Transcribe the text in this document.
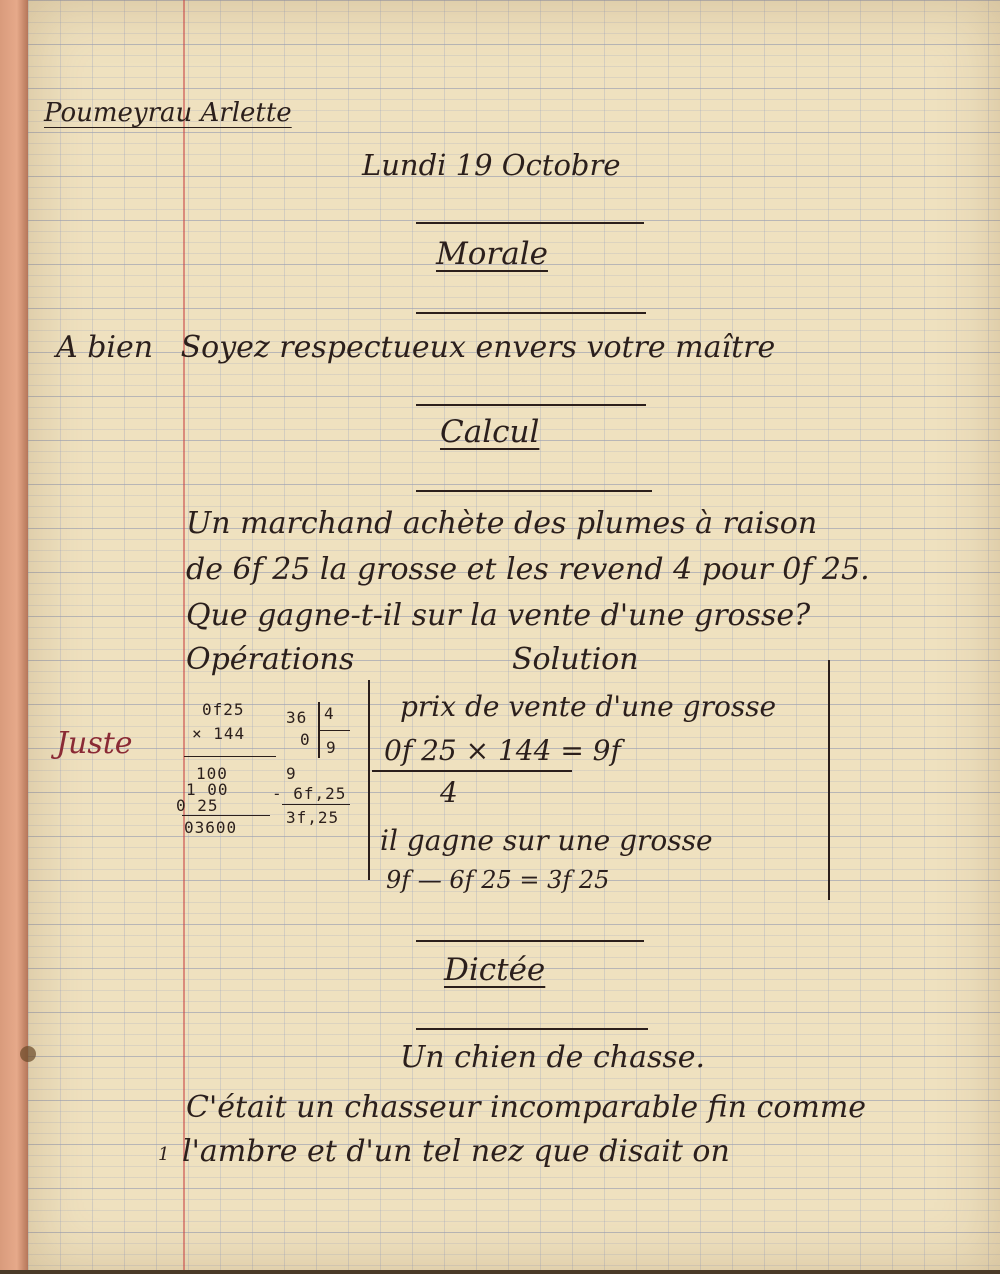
Poumeyrau Arlette
Lundi 19 Octobre
Morale
A bien Soyez respectueux envers votre maître
Calcul
Un marchand achète des plumes à raison
de 6f 25 la grosse et les revend 4 pour 0f 25.
Que gagne-t-il sur la vente d'une grosse?
Opérations	Solution
Juste
0f25
× 144
100
1 00
0 25
03600
36
0
4
9
9
- 6f,25
3f,25
prix de vente d'une grosse
0f 25 × 144 = 9f
4
il gagne sur une grosse
9f — 6f 25 = 3f 25
Dictée
Un chien de chasse.
C'était un chasseur incomparable fin comme
1 l'ambre et d'un tel nez que disait on
